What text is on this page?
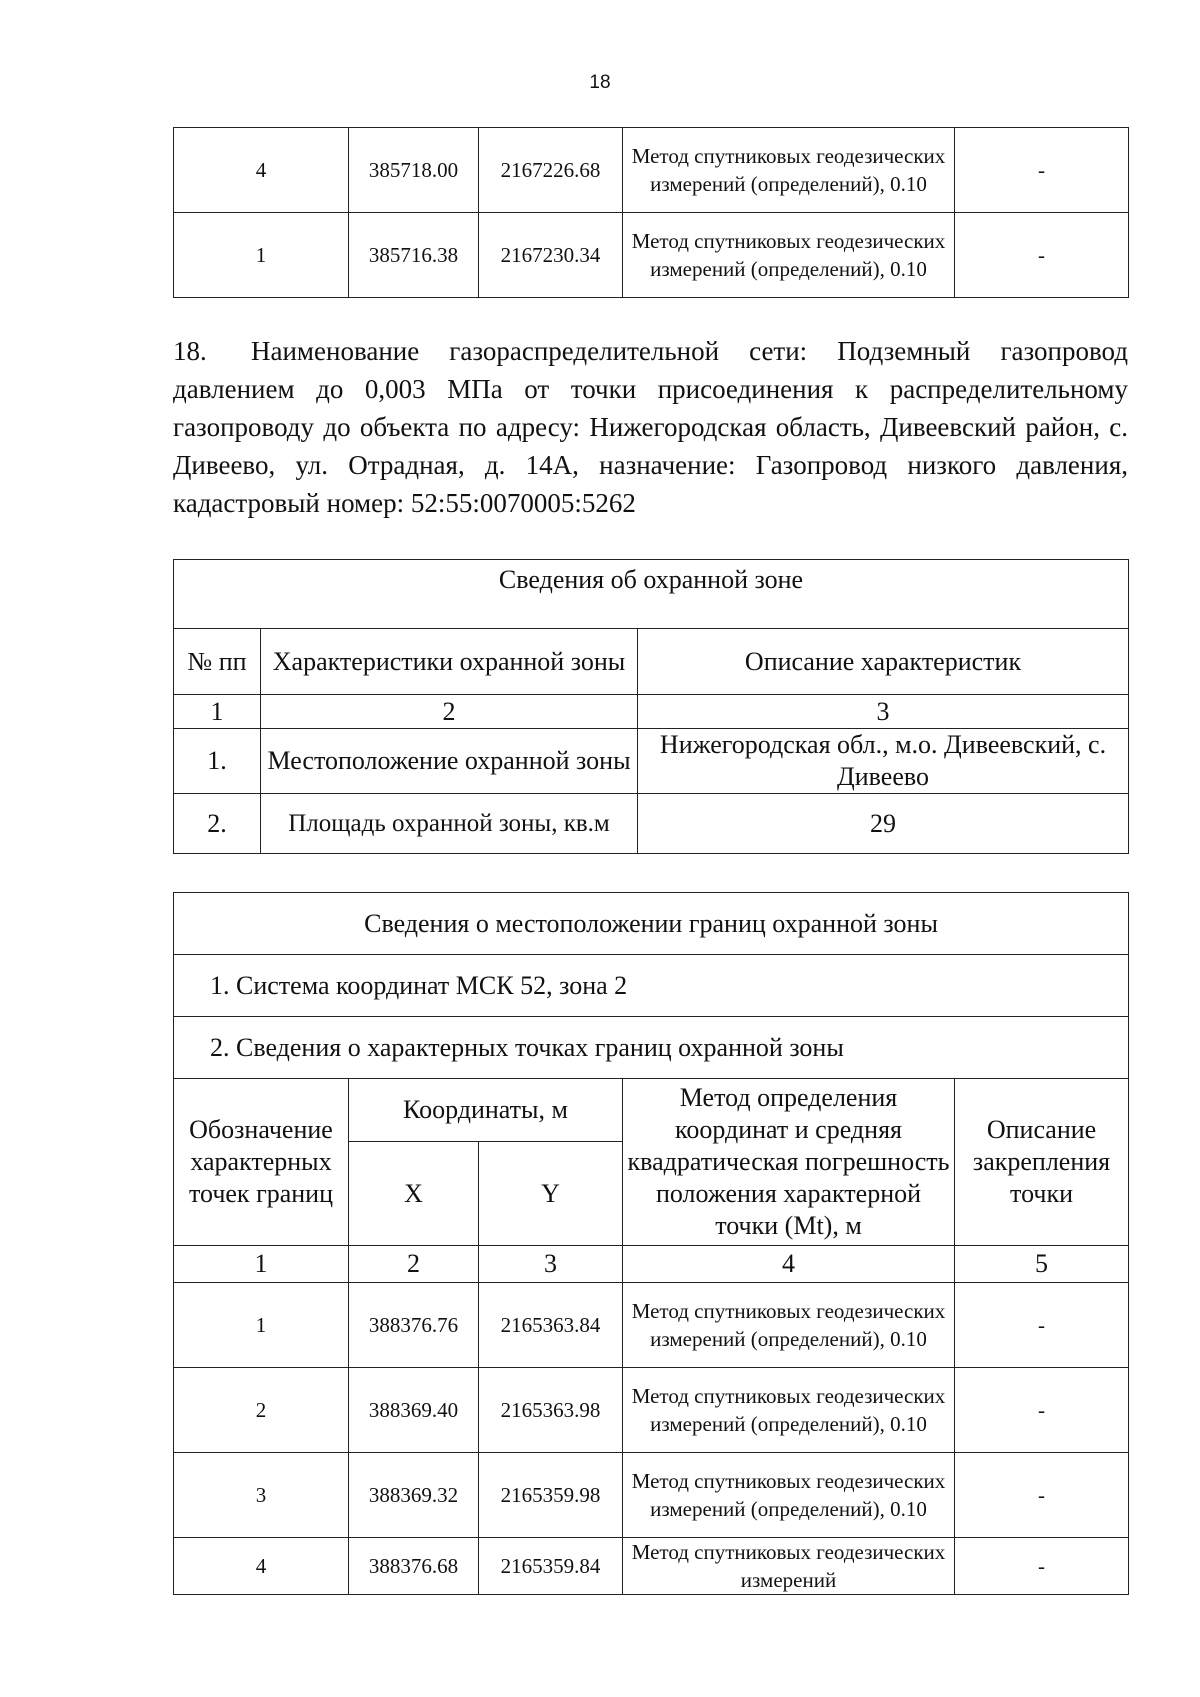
18
4	385718.00	2167226.68	Метод спутниковых геодезических измерений (определений), 0.10	-
1	385716.38	2167230.34	Метод спутниковых геодезических измерений (определений), 0.10	-
18. Наименование газораспределительной сети: Подземный газопровод давлением до 0,003 МПа от точки присоединения к распределительному газопроводу до объекта по адресу: Нижегородская область, Дивеевский район, с. Дивеево, ул. Отрадная, д. 14А, назначение: Газопровод низкого давления, кадастровый номер: 52:55:0070005:5262
Сведения об охранной зоне		
№ пп	Характеристики охранной зоны	Описание характеристик
1	2	3
1.	Местоположение охранной зоны	Нижегородская обл., м.о. Дивеевский, с. Дивеево
2.	Площадь охранной зоны, кв.м	29
Сведения о местоположении границ охранной зоны				
1. Система координат МСК 52, зона 2				
2. Сведения о характерных точках границ охранной зоны				
Обозначение характерных точек границ	Координаты, м		Метод определения координат и средняя квадратическая погрешность положения характерной точки (Mt), м	Описание закрепления точки
	X	Y		
1	2	3	4	5
1	388376.76	2165363.84	Метод спутниковых геодезических измерений (определений), 0.10	-
2	388369.40	2165363.98	Метод спутниковых геодезических измерений (определений), 0.10	-
3	388369.32	2165359.98	Метод спутниковых геодезических измерений (определений), 0.10	-
4	388376.68	2165359.84	Метод спутниковых геодезических измерений	-
